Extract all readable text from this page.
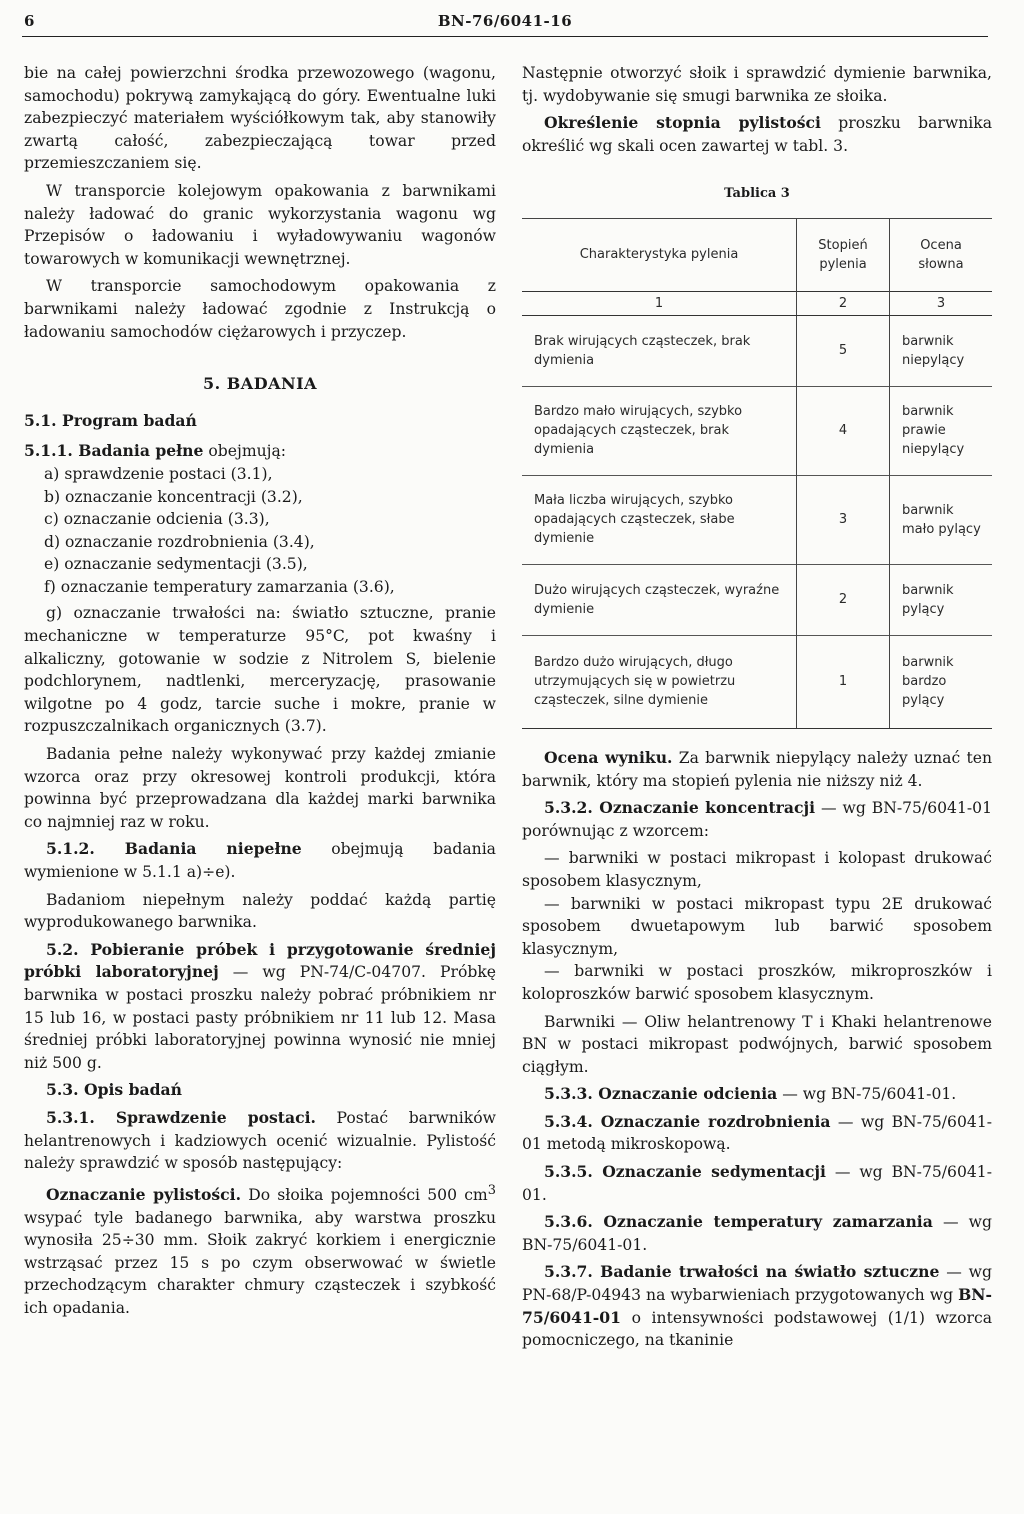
6	BN-76/6041-16

bie na całej powierzchni środka przewozowego (wagonu, samochodu) pokrywą zamykającą do góry. Ewentualne luki zabezpieczyć materiałem wyściółkowym tak, aby stanowiły zwartą całość, zabezpieczającą towar przed przemieszczaniem się.

W transporcie kolejowym opakowania z barwnikami należy ładować do granic wykorzystania wagonu wg Przepisów o ładowaniu i wyładowywaniu wagonów towarowych w komunikacji wewnętrznej.

W transporcie samochodowym opakowania z barwnikami należy ładować zgodnie z Instrukcją o ładowaniu samochodów ciężarowych i przyczep.

5. BADANIA
5.1. Program badań

5.1.1. Badania pełne obejmują:

a) sprawdzenie postaci (3.1),
b) oznaczanie koncentracji (3.2),
c) oznaczanie odcienia (3.3),
d) oznaczanie rozdrobnienia (3.4),
e) oznaczanie sedymentacji (3.5),
f) oznaczanie temperatury zamarzania (3.6),

g) oznaczanie trwałości na: światło sztuczne, pranie mechaniczne w temperaturze 95°C, pot kwaśny i alkaliczny, gotowanie w sodzie z Nitrolem S, bielenie podchlorynem, nadtlenki, merceryzację, prasowanie wilgotne po 4 godz, tarcie suche i mokre, pranie w rozpuszczalnikach organicznych (3.7).

Badania pełne należy wykonywać przy każdej zmianie wzorca oraz przy okresowej kontroli produkcji, która powinna być przeprowadzana dla każdej marki barwnika co najmniej raz w roku.

5.1.2. Badania niepełne obejmują badania wymienione w 5.1.1 a)÷e).

Badaniom niepełnym należy poddać każdą partię wyprodukowanego barwnika.

5.2. Pobieranie próbek i przygotowanie średniej próbki laboratoryjnej — wg PN-74/C-04707. Próbkę barwnika w postaci proszku należy pobrać próbnikiem nr 15 lub 16, w postaci pasty próbnikiem nr 11 lub 12. Masa średniej próbki laboratoryjnej powinna wynosić nie mniej niż 500 g.

5.3. Opis badań

5.3.1. Sprawdzenie postaci. Postać barwników helantrenowych i kadziowych ocenić wizualnie. Pylistość należy sprawdzić w sposób następujący:

Oznaczanie pylistości. Do słoika pojemności 500 $cm^3$ wsypać tyle badanego barwnika, aby warstwa proszku wynosiła 25÷30 mm. Słoik zakryć korkiem i energicznie wstrząsać przez 15 s po czym obserwować w świetle przechodzącym charakter chmury cząsteczek i szybkość ich opadania.

Następnie otworzyć słoik i sprawdzić dymienie barwnika, tj. wydobywanie się smugi barwnika ze słoika.

Określenie stopnia pylistości proszku barwnika określić wg skali ocen zawartej w tabl. 3.

Tablica 3
Charakterystyka pylenia	Stopień pylenia	Ocena słowna
1	2	3
Brak wirujących cząsteczek, brak dymienia	5	barwnik niepylący
Bardzo mało wirujących, szybko opadających cząsteczek, brak dymienia	4	barwnik prawie niepylący
Mała liczba wirujących, szybko opadających cząsteczek, słabe dymienie	3	barwnik mało pylący
Dużo wirujących cząsteczek, wyraźne dymienie	2	barwnik pylący
Bardzo dużo wirujących, długo utrzymujących się w powietrzu cząsteczek, silne dymienie	1	barwnik bardzo pylący

Ocena wyniku. Za barwnik niepylący należy uznać ten barwnik, który ma stopień pylenia nie niższy niż 4.

5.3.2. Oznaczanie koncentracji — wg BN-75/6041-01 porównując z wzorcem:

— barwniki w postaci mikropast i kolopast drukować sposobem klasycznym,

— barwniki w postaci mikropast typu 2E drukować sposobem dwuetapowym lub barwić sposobem klasycznym,

— barwniki w postaci proszków, mikroproszków i koloproszków barwić sposobem klasycznym.

Barwniki — Oliw helantrenowy T i Khaki helantrenowe BN w postaci mikropast podwójnych, barwić sposobem ciągłym.

5.3.3. Oznaczanie odcienia — wg BN-75/6041-01.

5.3.4. Oznaczanie rozdrobnienia — wg BN-75/6041-01 metodą mikroskopową.

5.3.5. Oznaczanie sedymentacji — wg BN-75/6041-01.

5.3.6. Oznaczanie temperatury zamarzania — wg BN-75/6041-01.

5.3.7. Badanie trwałości na światło sztuczne — wg PN-68/P-04943 na wybarwieniach przygotowanych wg BN-75/6041-01 o intensywności podstawowej (1/1) wzorca pomocniczego, na tkaninie
